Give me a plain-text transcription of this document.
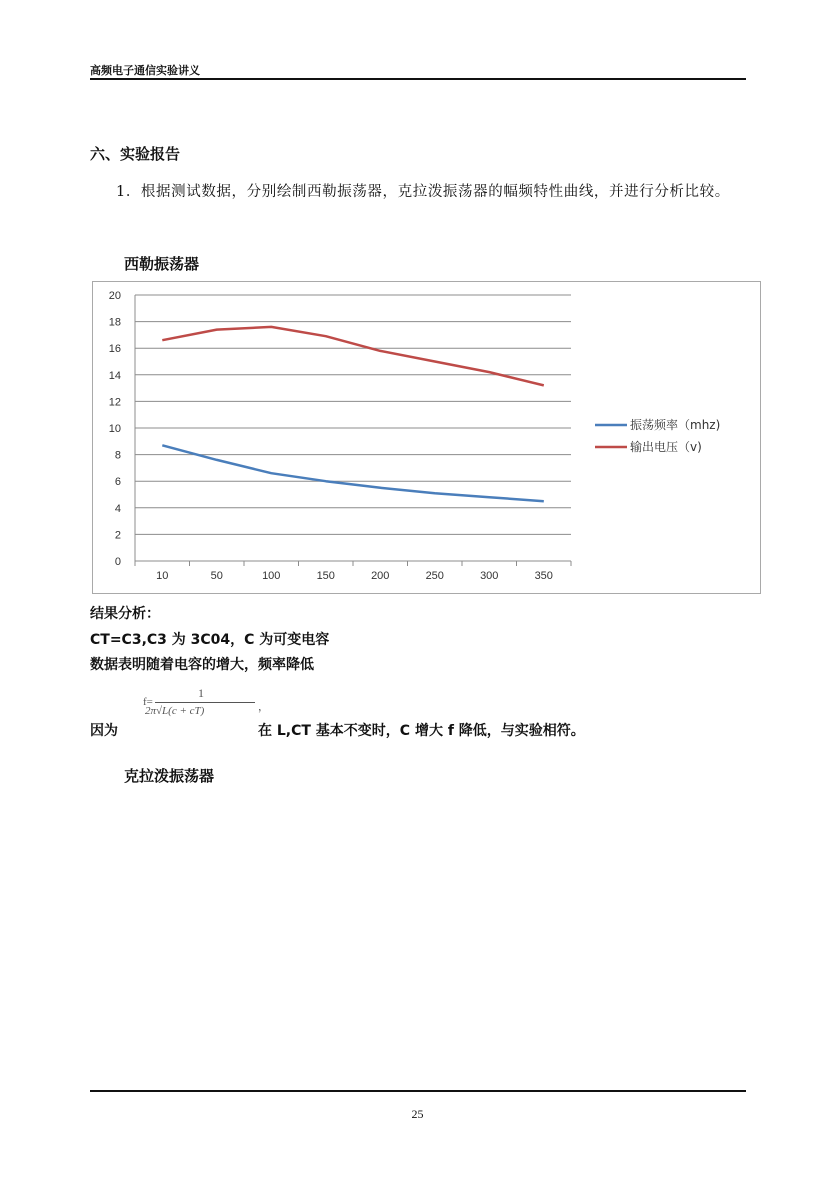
高频电子通信实验讲义
六、实验报告
1．根据测试数据，分别绘制西勒振荡器，克拉泼振荡器的幅频特性曲线，并进行分析比较。
西勒振荡器
0
2
4
6
8
10
12
14
16
18
20
10	50	100	150	200	250	300	350
振荡频率（mhz)
输出电压（v)
结果分析：
CT=C3,C3 为 3C04，C 为可变电容
数据表明随着电容的增大，频率降低
f=
1
2π√L(c + cT)	，
因为	在 L,CT 基本不变时，C 增大 f 降低，与实验相符。
克拉泼振荡器
25
